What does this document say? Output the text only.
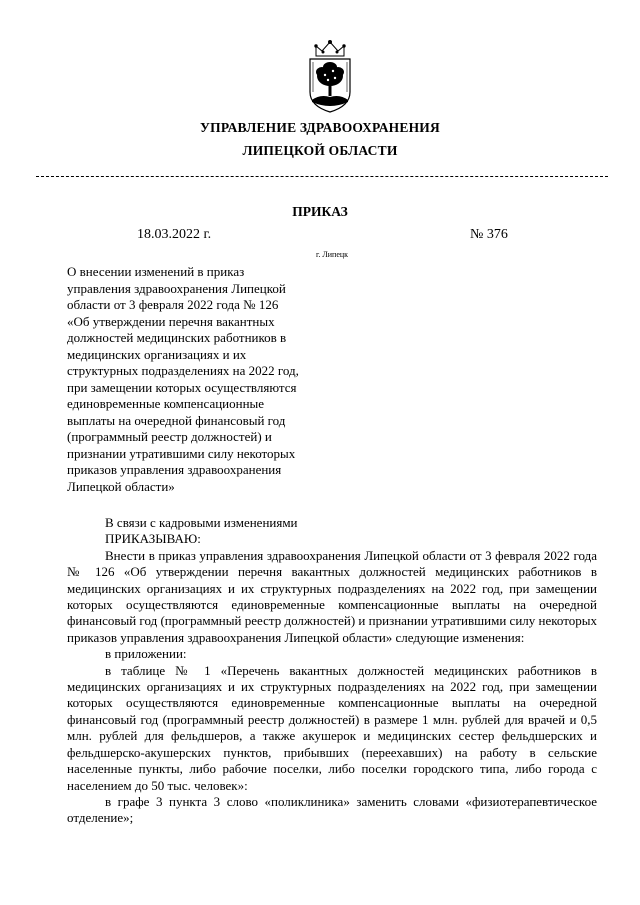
УПРАВЛЕНИЕ ЗДРАВООХРАНЕНИЯ
ЛИПЕЦКОЙ ОБЛАСТИ
ПРИКАЗ
18.03.2022 г.	№ 376
г. Липецк
О внесении изменений в приказ
управления здравоохранения Липецкой
области от 3 февраля 2022 года № 126
«Об утверждении перечня вакантных
должностей медицинских работников в
медицинских организациях и их
структурных подразделениях на 2022 год,
при замещении которых осуществляются
единовременные компенсационные
выплаты на очередной финансовый год
(программный реестр должностей) и
признании утратившими силу некоторых
приказов управления здравоохранения
Липецкой области»

В связи с кадровыми изменениями

ПРИКАЗЫВАЮ:

Внести в приказ управления здравоохранения Липецкой области от 3 февраля 2022 года № 126 «Об утверждении перечня вакантных должностей медицинских работников в медицинских организациях и их структурных подразделениях на 2022 год, при замещении которых осуществляются единовременные компенсационные выплаты на очередной финансовый год (программный реестр должностей) и признании утратившими силу некоторых приказов управления здравоохранения Липецкой области» следующие изменения:

в приложении:

в таблице № 1 «Перечень вакантных должностей медицинских работников в медицинских организациях и их структурных подразделениях на 2022 год, при замещении которых осуществляются единовременные компенсационные выплаты на очередной финансовый год (программный реестр должностей) в размере 1 млн. рублей для врачей и 0,5 млн. рублей для фельдшеров, а также акушерок и медицинских сестер фельдшерских и фельдшерско-акушерских пунктов, прибывших (переехавших) на работу в сельские населенные пункты, либо рабочие поселки, либо поселки городского типа, либо города с населением до 50 тыс. человек»:

в графе 3 пункта 3 слово «поликлиника» заменить словами «физиотерапевтическое отделение»;
